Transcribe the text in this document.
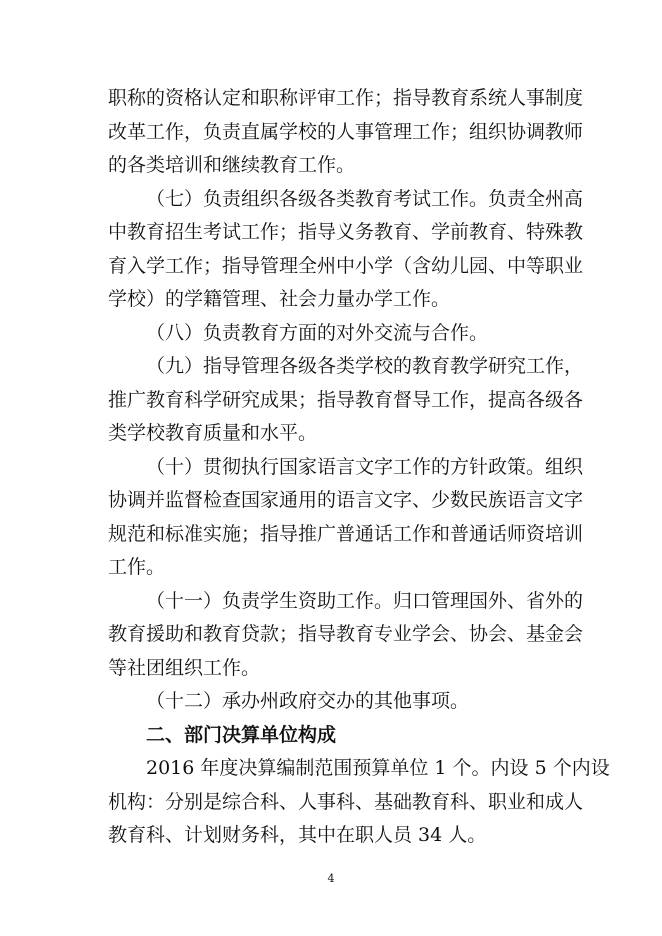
职称的资格认定和职称评审工作；指导教育系统人事制度
改革工作，负责直属学校的人事管理工作；组织协调教师
的各类培训和继续教育工作。
（七）负责组织各级各类教育考试工作。负责全州高
中教育招生考试工作；指导义务教育、学前教育、特殊教
育入学工作；指导管理全州中小学（含幼儿园、中等职业
学校）的学籍管理、社会力量办学工作。
（八）负责教育方面的对外交流与合作。
（九）指导管理各级各类学校的教育教学研究工作，
推广教育科学研究成果；指导教育督导工作，提高各级各
类学校教育质量和水平。
（十）贯彻执行国家语言文字工作的方针政策。组织
协调并监督检查国家通用的语言文字、少数民族语言文字
规范和标准实施；指导推广普通话工作和普通话师资培训
工作。
（十一）负责学生资助工作。归口管理国外、省外的
教育援助和教育贷款；指导教育专业学会、协会、基金会
等社团组织工作。
（十二）承办州政府交办的其他事项。
二、部门决算单位构成
2016 年度决算编制范围预算单位 1 个。内设 5 个内设
机构：分别是综合科、人事科、基础教育科、职业和成人
教育科、计划财务科，其中在职人员 34 人。
4
